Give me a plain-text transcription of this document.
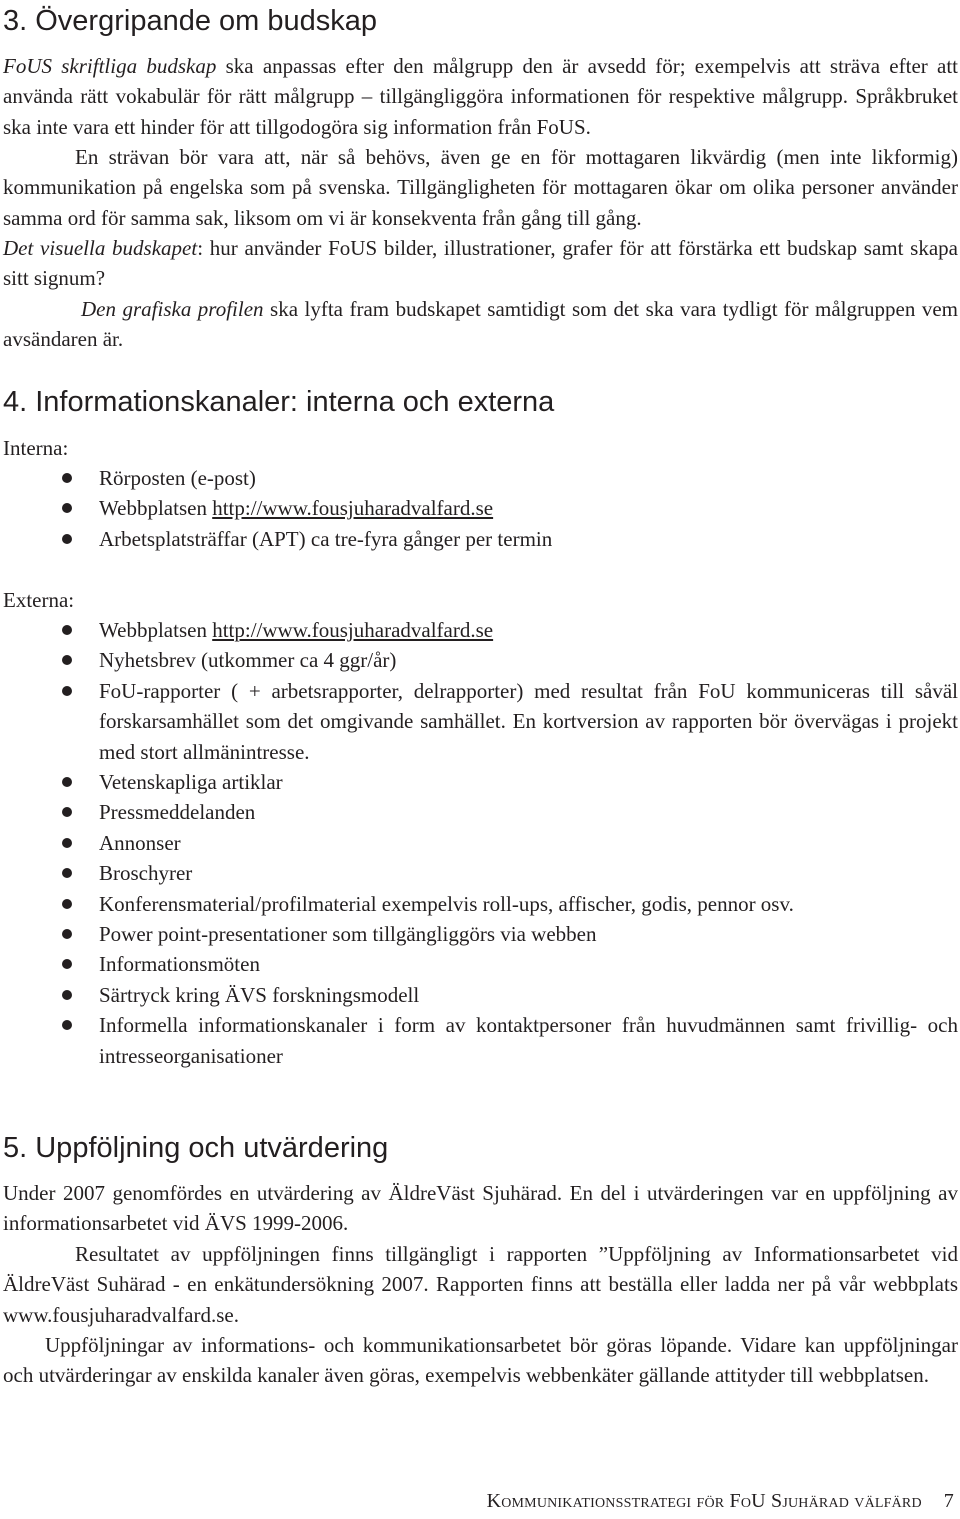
3. Övergripande om budskap

FoUS skriftliga budskap ska anpassas efter den målgrupp den är avsedd för; exempelvis att sträva efter att använda rätt vokabulär för rätt målgrupp – tillgängliggöra informationen för respektive målgrupp. Språkbruket ska inte vara ett hinder för att tillgodogöra sig information från FoUS.

En strävan bör vara att, när så behövs, även ge en för mottagaren likvärdig (men inte likformig) kommunikation på engelska som på svenska. Tillgängligheten för mottagaren ökar om olika personer använder samma ord för samma sak, liksom om vi är konsekventa från gång till gång.

Det visuella budskapet: hur använder FoUS bilder, illustrationer, grafer för att förstärka ett budskap samt skapa sitt signum?

Den grafiska profilen ska lyfta fram budskapet samtidigt som det ska vara tydligt för målgruppen vem avsändaren är.

4. Informationskanaler: interna och externa

Interna:

Rörposten (e-post)
Webbplatsen http://www.fousjuharadvalfard.se
Arbetsplatsträffar (APT) ca tre-fyra gånger per termin

Externa:

Webbplatsen http://www.fousjuharadvalfard.se
Nyhetsbrev (utkommer ca 4 ggr/år)
FoU-rapporter ( + arbetsrapporter, delrapporter) med resultat från FoU kommuniceras till såväl forskarsamhället som det omgivande samhället. En kortversion av rapporten bör övervägas i projekt med stort allmänintresse.
Vetenskapliga artiklar
Pressmeddelanden
Annonser
Broschyrer
Konferensmaterial/profilmaterial exempelvis roll-ups, affischer, godis, pennor osv.
Power point-presentationer som tillgängliggörs via webben
Informationsmöten
Särtryck kring ÄVS forskningsmodell
Informella informationskanaler i form av kontaktpersoner från huvudmännen samt frivillig- och intresseorganisationer
5. Uppföljning och utvärdering

Under 2007 genomfördes en utvärdering av ÄldreVäst Sjuhärad. En del i utvärderingen var en uppföljning av informationsarbetet vid ÄVS 1999-2006.

Resultatet av uppföljningen finns tillgängligt i rapporten ”Uppföljning av Informationsarbetet vid ÄldreVäst Suhärad - en enkätundersökning 2007. Rapporten finns att beställa eller ladda ner på vår webbplats www.fousjuharadvalfard.se.

Uppföljningar av informations- och kommunikationsarbetet bör göras löpande. Vidare kan uppföljningar och utvärderingar av enskilda kanaler även göras, exempelvis webbenkäter gällande attityder till webbplatsen.

Kommunikationsstrategi för FoU Sjuhärad välfärd 7
